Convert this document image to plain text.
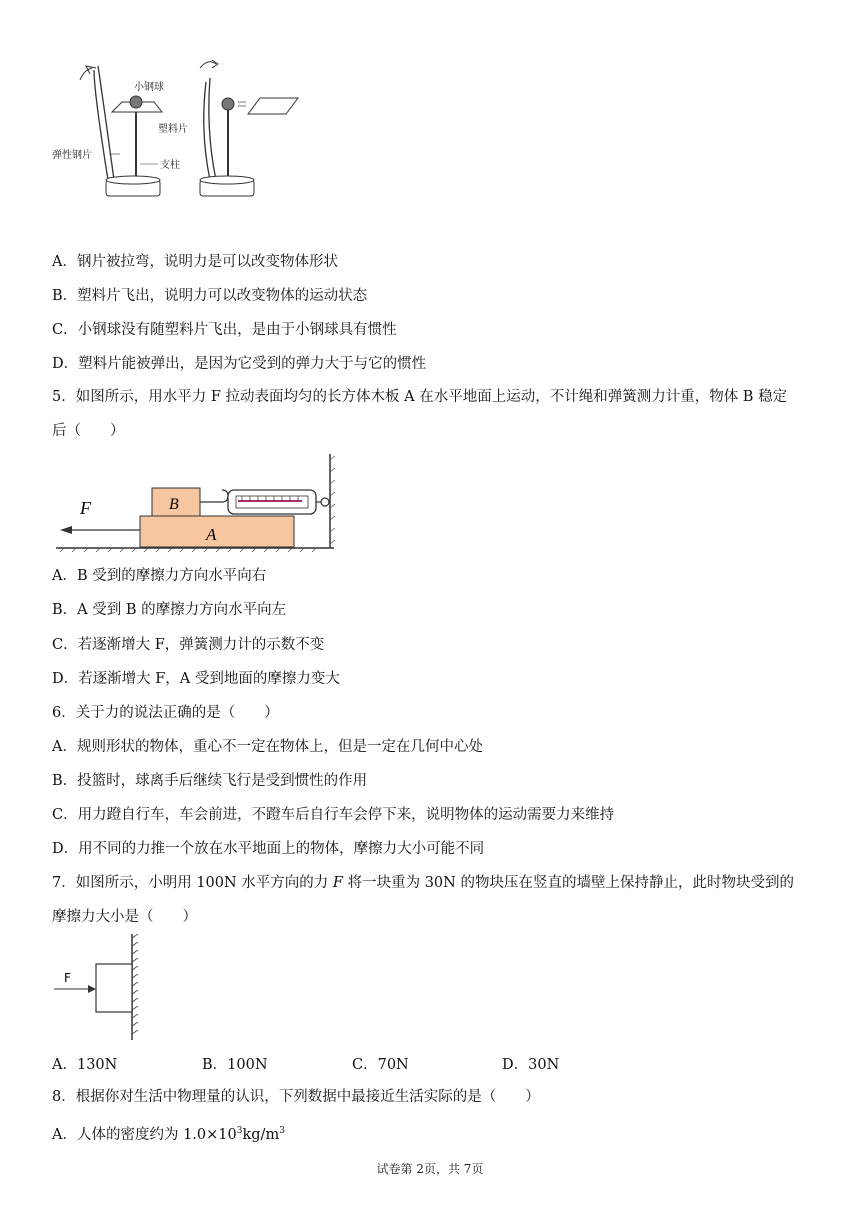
小钢球
塑料片
弹性钢片
支柱
A．钢片被拉弯，说明力是可以改变物体形状
B．塑料片飞出，说明力可以改变物体的运动状态
C．小钢球没有随塑料片飞出，是由于小钢球具有惯性
D．塑料片能被弹出，是因为它受到的弹力大于与它的惯性
5．如图所示，用水平力 F 拉动表面均匀的长方体木板 A 在水平地面上运动，不计绳和弹簧测力计重，物体 B 稳定
后（　　）
A
B
F
A．B 受到的摩擦力方向水平向右
B．A 受到 B 的摩擦力方向水平向左
C．若逐渐增大 F，弹簧测力计的示数不变
D．若逐渐增大 F，A 受到地面的摩擦力变大
6．关于力的说法正确的是（　　）
A．规则形状的物体，重心不一定在物体上，但是一定在几何中心处
B．投篮时，球离手后继续飞行是受到惯性的作用
C．用力蹬自行车，车会前进，不蹬车后自行车会停下来，说明物体的运动需要力来维持
D．用不同的力推一个放在水平地面上的物体，摩擦力大小可能不同
7．如图所示，小明用 100N 水平方向的力 F 将一块重为 30N 的物块压在竖直的墙壁上保持静止，此时物块受到的
摩擦力大小是（　　）
F
A．130N	B．100N	C．70N	D．30N
8．根据你对生活中物理量的认识，下列数据中最接近生活实际的是（　　）
A．人体的密度约为 $1.0\times 10^3kg/m^3$
试卷第 2页，共 7页
